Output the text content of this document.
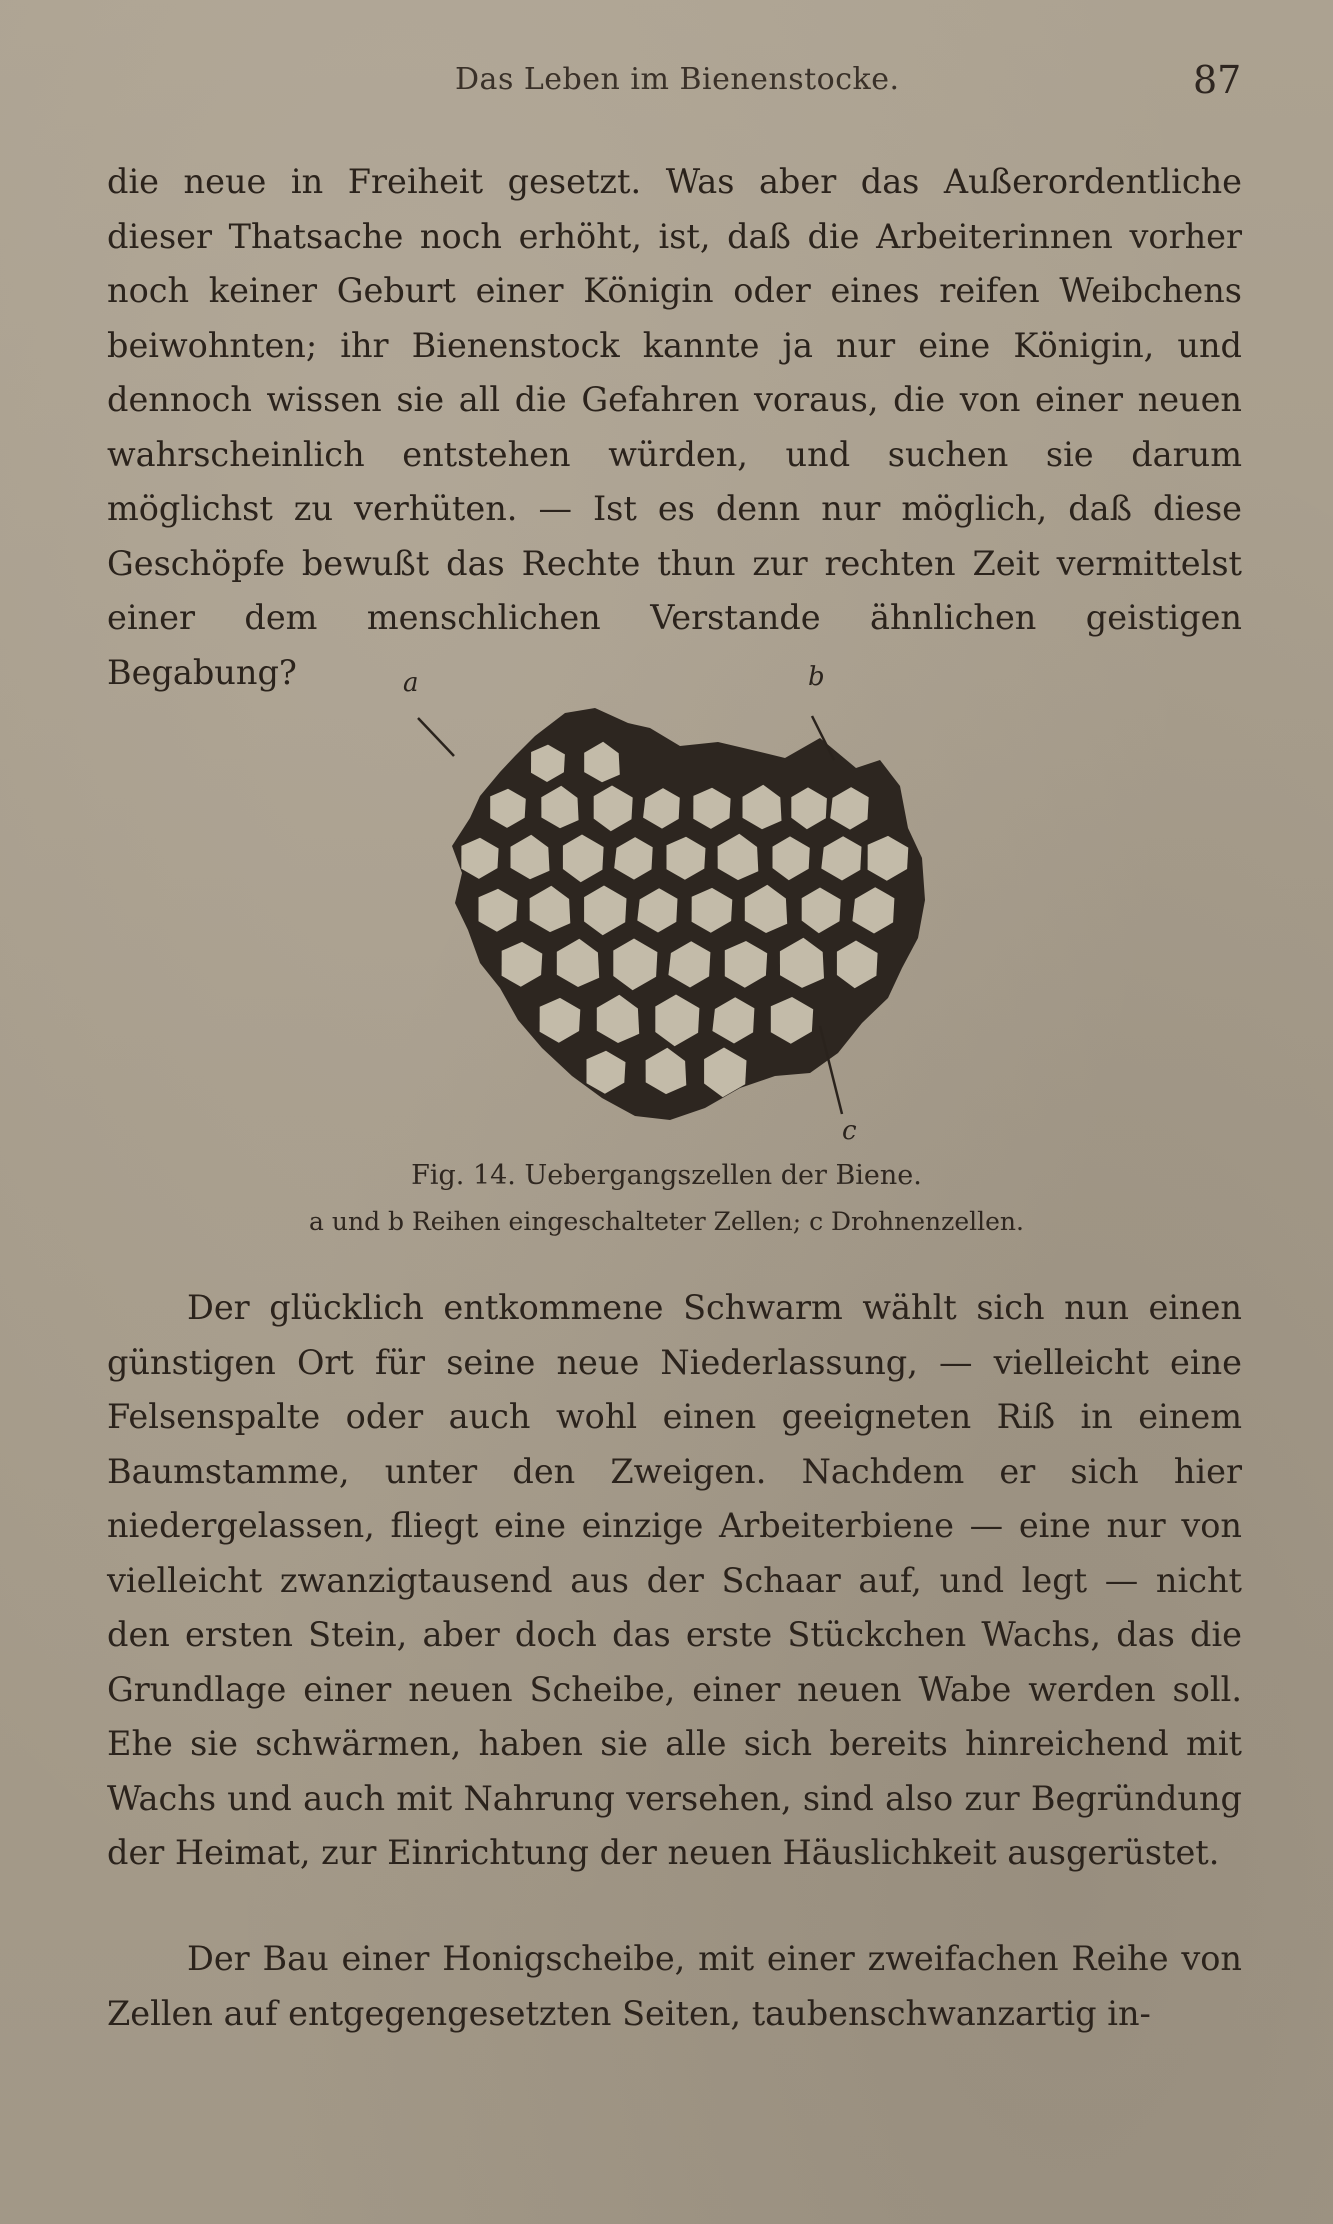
Das Leben im Bienenstocke.	87

die neue in Freiheit gesetzt. Was aber das Außerordentliche dieser Thatsache noch erhöht, ist, daß die Arbeiterinnen vorher noch keiner Geburt einer Königin oder eines reifen Weibchens beiwohnten; ihr Bienenstock kannte ja nur eine Königin, und dennoch wissen sie all die Gefahren voraus, die von einer neuen wahrscheinlich entstehen würden, und suchen sie darum möglichst zu verhüten. — Ist es denn nur möglich, daß diese Geschöpfe bewußt das Rechte thun zur rechten Zeit vermittelst einer dem menschlichen Verstande ähnlichen geistigen Begabung?	a	b
c
Fig. 14. Uebergangszellen der Biene.
a und b Reihen eingeschalteter Zellen; c Drohnenzellen.

Der glücklich entkommene Schwarm wählt sich nun einen günstigen Ort für seine neue Niederlassung, — vielleicht eine Felsenspalte oder auch wohl einen geeigneten Riß in einem Baumstamme, unter den Zweigen. Nachdem er sich hier niedergelassen, fliegt eine einzige Arbeiterbiene — eine nur von vielleicht zwanzigtausend aus der Schaar auf, und legt — nicht den ersten Stein, aber doch das erste Stückchen Wachs, das die Grundlage einer neuen Scheibe, einer neuen Wabe werden soll. Ehe sie schwärmen, haben sie alle sich bereits hinreichend mit Wachs und auch mit Nahrung versehen, sind also zur Begründung der Heimat, zur Einrichtung der neuen Häuslichkeit ausgerüstet.

Der Bau einer Honigscheibe, mit einer zweifachen Reihe von Zellen auf entgegengesetzten Seiten, taubenschwanzartig in-
